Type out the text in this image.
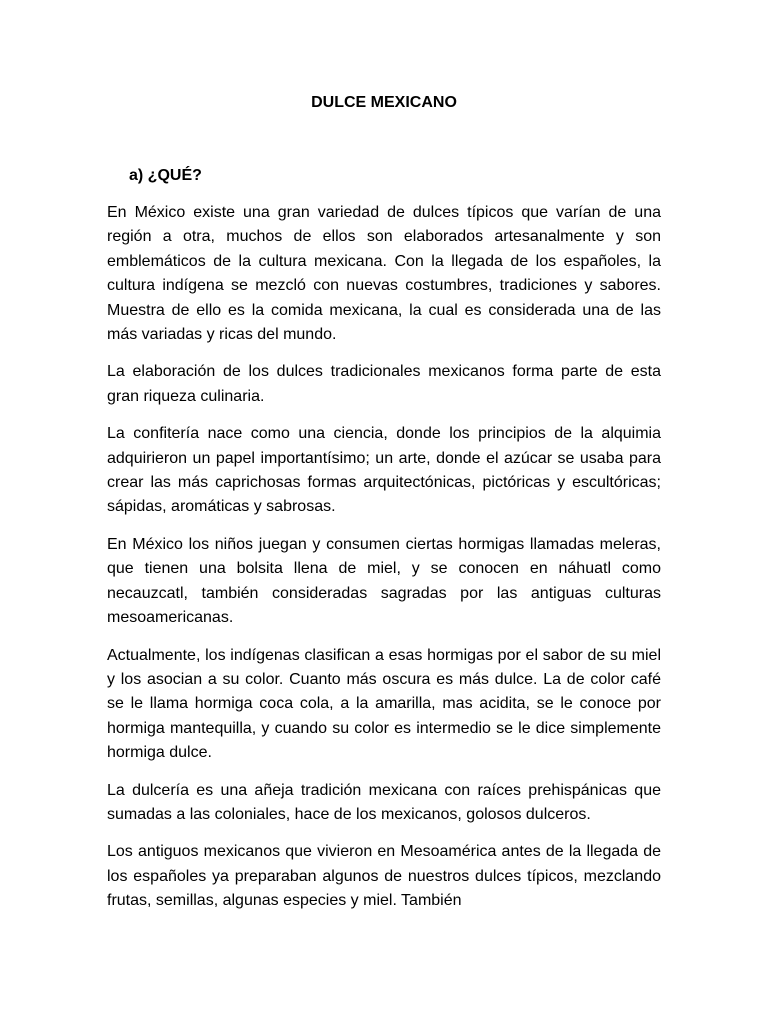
DULCE MEXICANO
a) ¿QUÉ?

En México existe una gran variedad de dulces típicos que varían de una región a otra, muchos de ellos son elaborados artesanalmente y son emblemáticos de la cultura mexicana. Con la llegada de los españoles, la cultura indígena se mezcló con nuevas costumbres, tradiciones y sabores. Muestra de ello es la comida mexicana, la cual es considerada una de las más variadas y ricas del mundo.

La elaboración de los dulces tradicionales mexicanos forma parte de esta gran riqueza culinaria.

La confitería nace como una ciencia, donde los principios de la alquimia adquirieron un papel importantísimo; un arte, donde el azúcar se usaba para crear las más caprichosas formas arquitectónicas, pictóricas y escultóricas; sápidas, aromáticas y sabrosas.

En México los niños juegan y consumen ciertas hormigas llamadas meleras, que tienen una bolsita llena de miel, y se conocen en náhuatl como necauzcatl, también consideradas sagradas por las antiguas culturas mesoamericanas.

Actualmente, los indígenas clasifican a esas hormigas por el sabor de su miel y los asocian a su color. Cuanto más oscura es más dulce. La de color café se le llama hormiga coca cola, a la amarilla, mas acidita, se le conoce por hormiga mantequilla, y cuando su color es intermedio se le dice simplemente hormiga dulce.

La dulcería es una añeja tradición mexicana con raíces prehispánicas que sumadas a las coloniales, hace de los mexicanos, golosos dulceros.

Los antiguos mexicanos que vivieron en Mesoamérica antes de la llegada de los españoles ya preparaban algunos de nuestros dulces típicos, mezclando frutas, semillas, algunas especies y miel. También
